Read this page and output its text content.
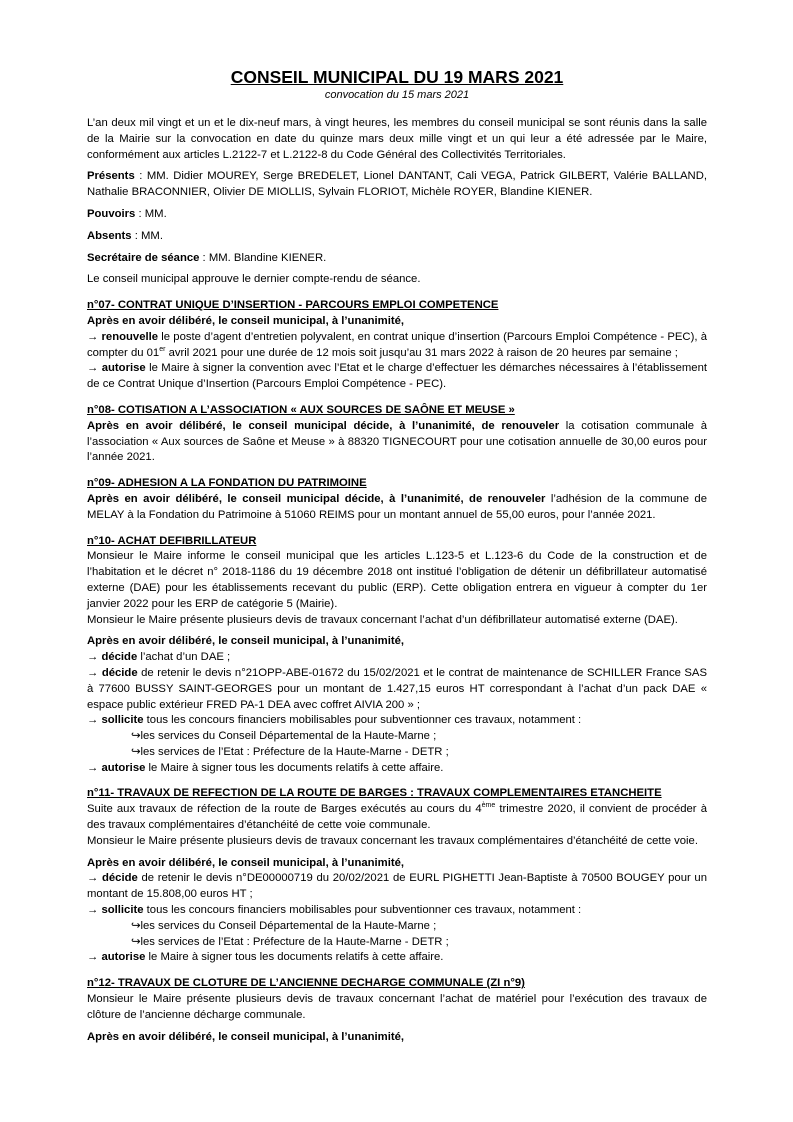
CONSEIL MUNICIPAL DU 19 MARS 2021
convocation du 15 mars 2021

L’an deux mil vingt et un et le dix-neuf mars, à vingt heures, les membres du conseil municipal se sont réunis dans la salle de la Mairie sur la convocation en date du quinze mars deux mille vingt et un qui leur a été adressée par le Maire, conformément aux articles L.2122-7 et L.2122-8 du Code Général des Collectivités Territoriales.

Présents : MM. Didier MOUREY, Serge BREDELET, Lionel DANTANT, Cali VEGA, Patrick GILBERT, Valérie BALLAND, Nathalie BRACONNIER, Olivier DE MIOLLIS, Sylvain FLORIOT, Michèle ROYER, Blandine KIENER.

Pouvoirs : MM.

Absents : MM.

Secrétaire de séance : MM. Blandine KIENER.

Le conseil municipal approuve le dernier compte-rendu de séance.

n°07- CONTRAT UNIQUE D’INSERTION - PARCOURS EMPLOI COMPETENCE

Après en avoir délibéré, le conseil municipal, à l’unanimité,

→ renouvelle le poste d’agent d’entretien polyvalent, en contrat unique d’insertion (Parcours Emploi Compétence - PEC), à compter du 01er avril 2021 pour une durée de 12 mois soit jusqu’au 31 mars 2022 à raison de 20 heures par semaine ;

→ autorise le Maire à signer la convention avec l’Etat et le charge d’effectuer les démarches nécessaires à l’établissement de ce Contrat Unique d’Insertion (Parcours Emploi Compétence - PEC).

n°08- COTISATION A L’ASSOCIATION « AUX SOURCES DE SAÔNE ET MEUSE »

Après en avoir délibéré, le conseil municipal décide, à l’unanimité, de renouveler la cotisation communale à l’association « Aux sources de Saône et Meuse » à 88320 TIGNECOURT pour une cotisation annuelle de 30,00 euros pour l’année 2021.

n°09- ADHESION A LA FONDATION DU PATRIMOINE

Après en avoir délibéré, le conseil municipal décide, à l’unanimité, de renouveler l’adhésion de la commune de MELAY à la Fondation du Patrimoine à 51060 REIMS pour un montant annuel de 55,00 euros, pour l’année 2021.

n°10- ACHAT DEFIBRILLATEUR

Monsieur le Maire informe le conseil municipal que les articles L.123-5 et L.123-6 du Code de la construction et de l’habitation et le décret n° 2018-1186 du 19 décembre 2018 ont institué l’obligation de détenir un défibrillateur automatisé externe (DAE) pour les établissements recevant du public (ERP). Cette obligation entrera en vigueur à compter du 1er janvier 2022 pour les ERP de catégorie 5 (Mairie).

Monsieur le Maire présente plusieurs devis de travaux concernant l’achat d’un défibrillateur automatisé externe (DAE).

Après en avoir délibéré, le conseil municipal, à l’unanimité,

→ décide l’achat d’un DAE ;

→ décide de retenir le devis n°21OPP-ABE-01672 du 15/02/2021 et le contrat de maintenance de SCHILLER France SAS à 77600 BUSSY SAINT-GEORGES pour un montant de 1.427,15 euros HT correspondant à l’achat d’un pack DAE « espace public extérieur FRED PA-1 DEA avec coffret AIVIA 200 » ;

→ sollicite tous les concours financiers mobilisables pour subventionner ces travaux, notamment :

↪les services du Conseil Départemental de la Haute-Marne ;

↪les services de l’Etat : Préfecture de la Haute-Marne - DETR ;

→ autorise le Maire à signer tous les documents relatifs à cette affaire.

n°11- TRAVAUX DE REFECTION DE LA ROUTE DE BARGES : TRAVAUX COMPLEMENTAIRES ETANCHEITE

Suite aux travaux de réfection de la route de Barges exécutés au cours du 4ème trimestre 2020, il convient de procéder à des travaux complémentaires d’étanchéité de cette voie communale.

Monsieur le Maire présente plusieurs devis de travaux concernant les travaux complémentaires d’étanchéité de cette voie.

Après en avoir délibéré, le conseil municipal, à l’unanimité,

→ décide de retenir le devis n°DE00000719 du 20/02/2021 de EURL PIGHETTI Jean-Baptiste à 70500 BOUGEY pour un montant de 15.808,00 euros HT ;

→ sollicite tous les concours financiers mobilisables pour subventionner ces travaux, notamment :

↪les services du Conseil Départemental de la Haute-Marne ;

↪les services de l’Etat : Préfecture de la Haute-Marne - DETR ;

→ autorise le Maire à signer tous les documents relatifs à cette affaire.

n°12- TRAVAUX DE CLOTURE DE L’ANCIENNE DECHARGE COMMUNALE (ZI n°9)

Monsieur le Maire présente plusieurs devis de travaux concernant l’achat de matériel pour l’exécution des travaux de clôture de l’ancienne décharge communale.

Après en avoir délibéré, le conseil municipal, à l’unanimité,
